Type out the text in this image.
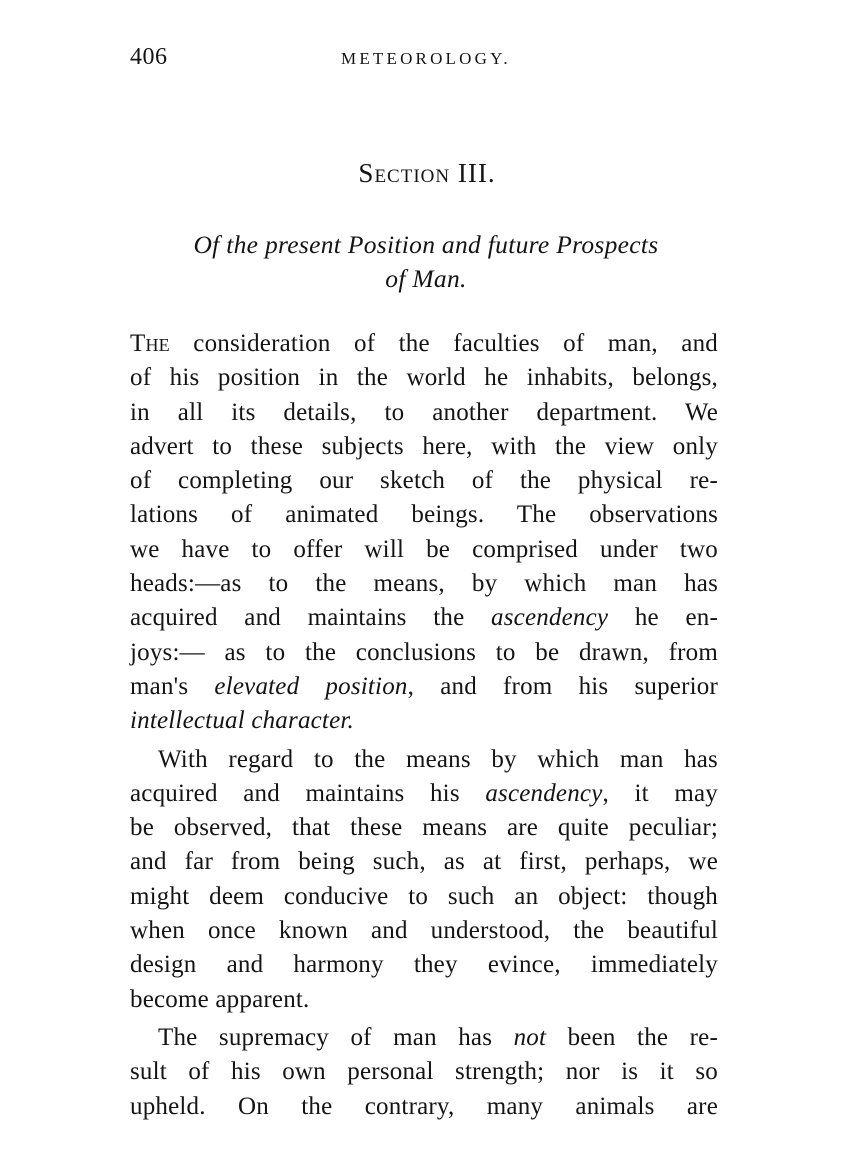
406	METEOROLOGY.
Section III.
Of the present Position and future Prospects
of Man.
The consideration of the faculties of man, and
of his position in the world he inhabits, belongs,
in all its details, to another department. We
advert to these subjects here, with the view only
of completing our sketch of the physical re-
lations of animated beings. The observations
we have to offer will be comprised under two
heads:—as to the means, by which man has
acquired and maintains the ascendency he en-
joys:— as to the conclusions to be drawn, from
man's elevated position, and from his superior
intellectual character.
With regard to the means by which man has
acquired and maintains his ascendency, it may
be observed, that these means are quite peculiar;
and far from being such, as at first, perhaps, we
might deem conducive to such an object: though
when once known and understood, the beautiful
design and harmony they evince, immediately
become apparent.
The supremacy of man has not been the re-
sult of his own personal strength; nor is it so
upheld. On the contrary, many animals are
